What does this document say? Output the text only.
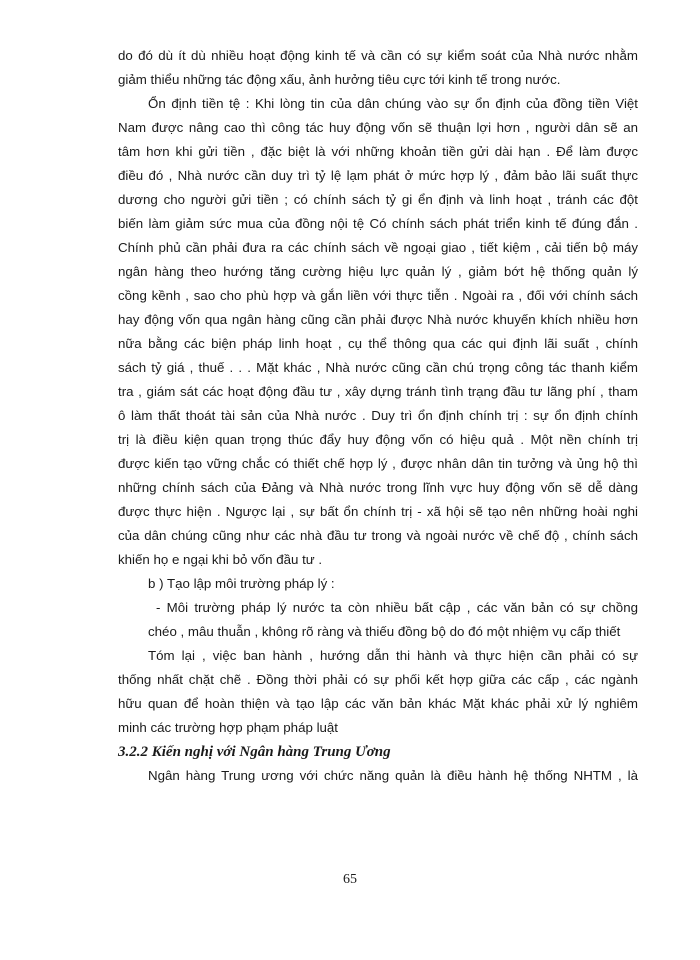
do đó dù ít dù nhiều hoạt động kinh tế và cần có sự kiểm soát của Nhà nước nhằm
giảm thiểu những tác động xấu, ảnh hưởng tiêu cực tới kinh tế trong nước.
Ổn định tiền tệ : Khi lòng tin của dân chúng vào sự ổn định của đồng tiền Việt
Nam được nâng cao thì công tác huy động vốn sẽ thuận lợi hơn , người dân sẽ an
tâm hơn khi gửi tiền , đặc biệt là với những khoản tiền gửi dài hạn . Để làm được
điều đó , Nhà nước cần duy trì tỷ lệ lạm phát ở mức hợp lý , đảm bảo lãi suất thực
dương cho người gửi tiền ; có chính sách tỷ gi ển định và linh hoạt , tránh các đột
biến làm giảm sức mua của đồng nội tệ Có chính sách phát triển kinh tế đúng đắn .
Chính phủ cần phải đưa ra các chính sách về ngoại giao , tiết kiệm , cải tiến bộ máy
ngân hàng theo hướng tăng cường hiệu lực quản lý , giảm bớt hệ thống quản lý
cồng kềnh , sao cho phù hợp và gắn liền với thực tiễn . Ngoài ra , đối với chính sách
hay động vốn qua ngân hàng cũng cần phải được Nhà nước khuyến khích nhiều hơn
nữa bằng các biện pháp linh hoạt , cụ thể thông qua các qui định lãi suất , chính
sách tỷ giá , thuế . . . Mặt khác , Nhà nước cũng cần chú trọng công tác thanh kiểm
tra , giám sát các hoạt động đầu tư , xây dựng tránh tình trạng đầu tư lãng phí , tham
ô làm thất thoát tài sản của Nhà nước . Duy trì ổn định chính trị : sự ổn định chính
trị là điều kiện quan trọng thúc đẩy huy động vốn có hiệu quả . Một nền chính trị
được kiến tạo vững chắc có thiết chế hợp lý , được nhân dân tin tưởng và ủng hộ thì
những chính sách của Đảng và Nhà nước trong lĩnh vực huy động vốn sẽ dễ dàng
được thực hiện . Ngược lại , sự bất ổn chính trị - xã hội sẽ tạo nên những hoài nghi
của dân chúng cũng như các nhà đầu tư trong và ngoài nước về chế độ , chính sách
khiến họ e ngại khi bỏ vốn đầu tư .
b ) Tạo lập môi trường pháp lý :
- Môi trường pháp lý nước ta còn nhiều bất cập , các văn bản có sự chồng
chéo , mâu thuẫn , không rõ ràng và thiếu đồng bộ do đó một nhiệm vụ cấp thiết
Tóm lại , việc ban hành , hướng dẫn thi hành và thực hiện cần phải có sự
thống nhất chặt chẽ . Đồng thời phải có sự phối kết hợp giữa các cấp , các ngành
hữu quan để hoàn thiện và tạo lập các văn bản khác Mặt khác phải xử lý nghiêm
minh các trường hợp phạm pháp luật
3.2.2 Kiến nghị với Ngân hàng Trung Ương
Ngân hàng Trung ương với chức năng quản là điều hành hệ thống NHTM , là
65
